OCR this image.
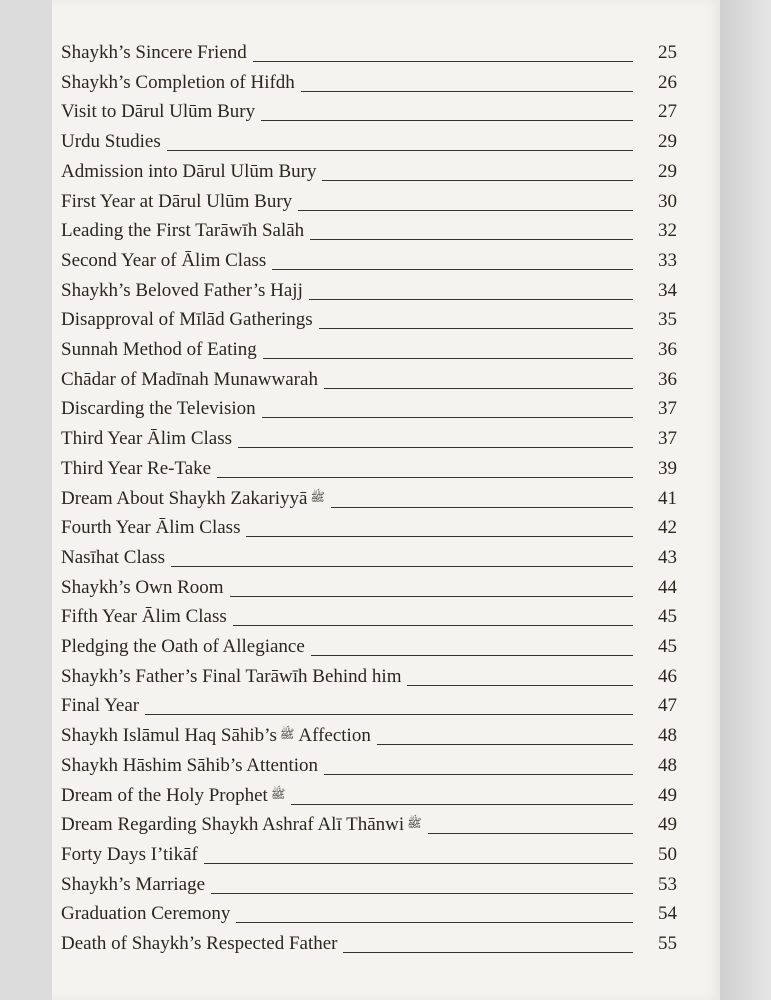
Shaykh’s Sincere Friend	25
Shaykh’s Completion of Hifdh	26
Visit to Dārul Ulūm Bury	27
Urdu Studies	29
Admission into Dārul Ulūm Bury	29
First Year at Dārul Ulūm Bury	30
Leading the First Tarāwīh Salāh	32
Second Year of Ālim Class	33
Shaykh’s Beloved Father’s Hajj	34
Disapproval of Mīlād Gatherings	35
Sunnah Method of Eating	36
Chādar of Madīnah Munawwarah	36
Discarding the Television	37
Third Year Ālim Class	37
Third Year Re-Take	39
Dream About Shaykh Zakariyyā ﷺ	41
Fourth Year Ālim Class	42
Nasīhat Class	43
Shaykh’s Own Room	44
Fifth Year Ālim Class	45
Pledging the Oath of Allegiance	45
Shaykh’s Father’s Final Tarāwīh Behind him	46
Final Year	47
Shaykh Islāmul Haq Sāhib’s ﷺ Affection	48
Shaykh Hāshim Sāhib’s Attention	48
Dream of the Holy Prophet ﷺ	49
Dream Regarding Shaykh Ashraf Alī Thānwi ﷺ	49
Forty Days I’tikāf	50
Shaykh’s Marriage	53
Graduation Ceremony	54
Death of Shaykh’s Respected Father	55
